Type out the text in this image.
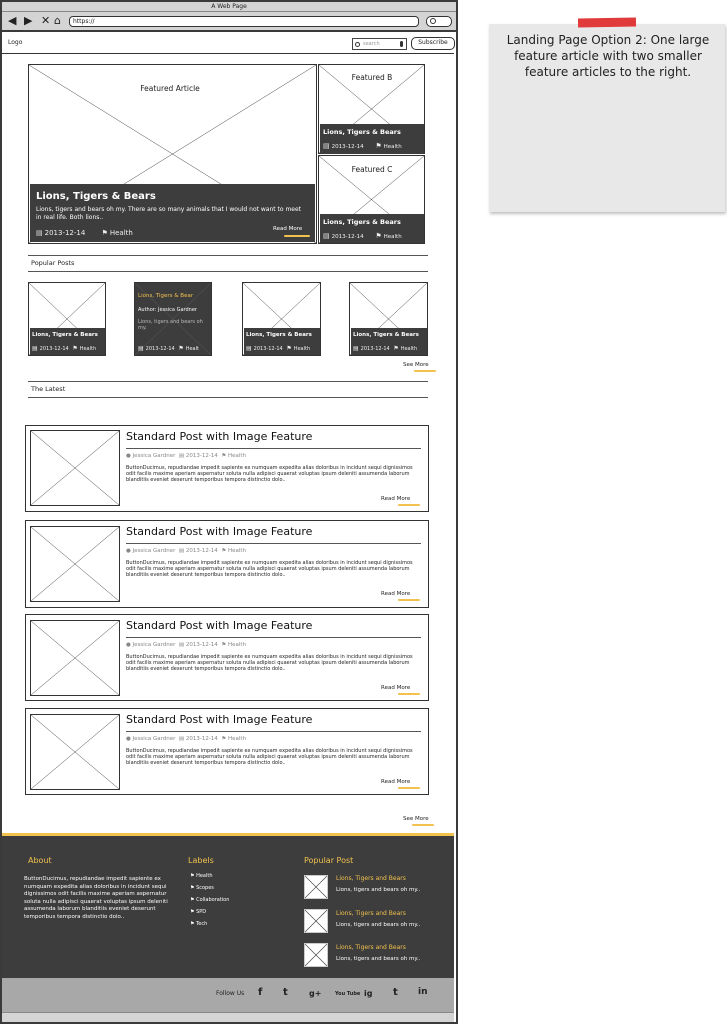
A Web Page
◀ ▶ ✕ ⌂	https://
Logo	search	Subscribe
Featured Article
Lions, Tigers & Bears
Lions, tigers and bears oh my. There are so many animals that I would not want to meet in real life. Both lions..
▤ 2013-12-14 ⚑ Health	Read More
Featured B
Lions, Tigers & Bears
▤ 2013-12-14 ⚑ Health
Featured C
Lions, Tigers & Bears
▤ 2013-12-14 ⚑ Health
Popular Posts
Lions, Tigers & Bears
▤ 2013-12-14 ⚑ Health
Lions, Tigers & Bear
Author: Jessica Gardner
Lions, tigers and bears oh my.
▤ 2013-12-14 ⚑ Healt
Lions, Tigers & Bears
▤ 2013-12-14 ⚑ Health
Lions, Tigers & Bears
▤ 2013-12-14 ⚑ Health
See More
The Latest
Standard Post with Image Feature
● Jessica Gardner ▤ 2013-12-14 ⚑ Health
ButtonDucimus, repudiandae impedit sapiente ex numquam expedita alias doloribus in incidunt sequi dignissimos odit facilis maxime aperiam aspernatur soluta nulla adipisci quaerat voluptas ipsum deleniti assumenda laborum blanditiis eveniet deserunt temporibus tempora distinctio dolo..
Read More
Standard Post with Image Feature
● Jessica Gardner ▤ 2013-12-14 ⚑ Health
ButtonDucimus, repudiandae impedit sapiente ex numquam expedita alias doloribus in incidunt sequi dignissimos odit facilis maxime aperiam aspernatur soluta nulla adipisci quaerat voluptas ipsum deleniti assumenda laborum blanditiis eveniet deserunt temporibus tempora distinctio dolo..
Read More
Standard Post with Image Feature
● Jessica Gardner ▤ 2013-12-14 ⚑ Health
ButtonDucimus, repudiandae impedit sapiente ex numquam expedita alias doloribus in incidunt sequi dignissimos odit facilis maxime aperiam aspernatur soluta nulla adipisci quaerat voluptas ipsum deleniti assumenda laborum blanditiis eveniet deserunt temporibus tempora distinctio dolo..
Read More
Standard Post with Image Feature
● Jessica Gardner ▤ 2013-12-14 ⚑ Health
ButtonDucimus, repudiandae impedit sapiente ex numquam expedita alias doloribus in incidunt sequi dignissimos odit facilis maxime aperiam aspernatur soluta nulla adipisci quaerat voluptas ipsum deleniti assumenda laborum blanditiis eveniet deserunt temporibus tempora distinctio dolo..
Read More
See More
About
ButtonDucimus, repudiandae impedit sapiente ex numquam expedita alias doloribus in incidunt sequi dignissimos odit facilis maxime aperiam aspernatur soluta nulla adipisci quaerat voluptas ipsum deleniti assumenda laborum blanditiis eveniet deserunt temporibus tempora distinctio dolo..
Labels
⚑ Health
⚑ Scopes
⚑ Collaboration
⚑ SPD
⚑ Tech
Popular Post
Lions, Tigers and Bears
Lions, tigers and bears oh my..
Lions, Tigers and Bears
Lions, tigers and bears oh my..
Lions, Tigers and Bears
Lions, tigers and bears oh my..
Follow Us f t	g+	You Tube ig t in
Landing Page Option 2: One large feature article with two smaller feature articles to the right.
